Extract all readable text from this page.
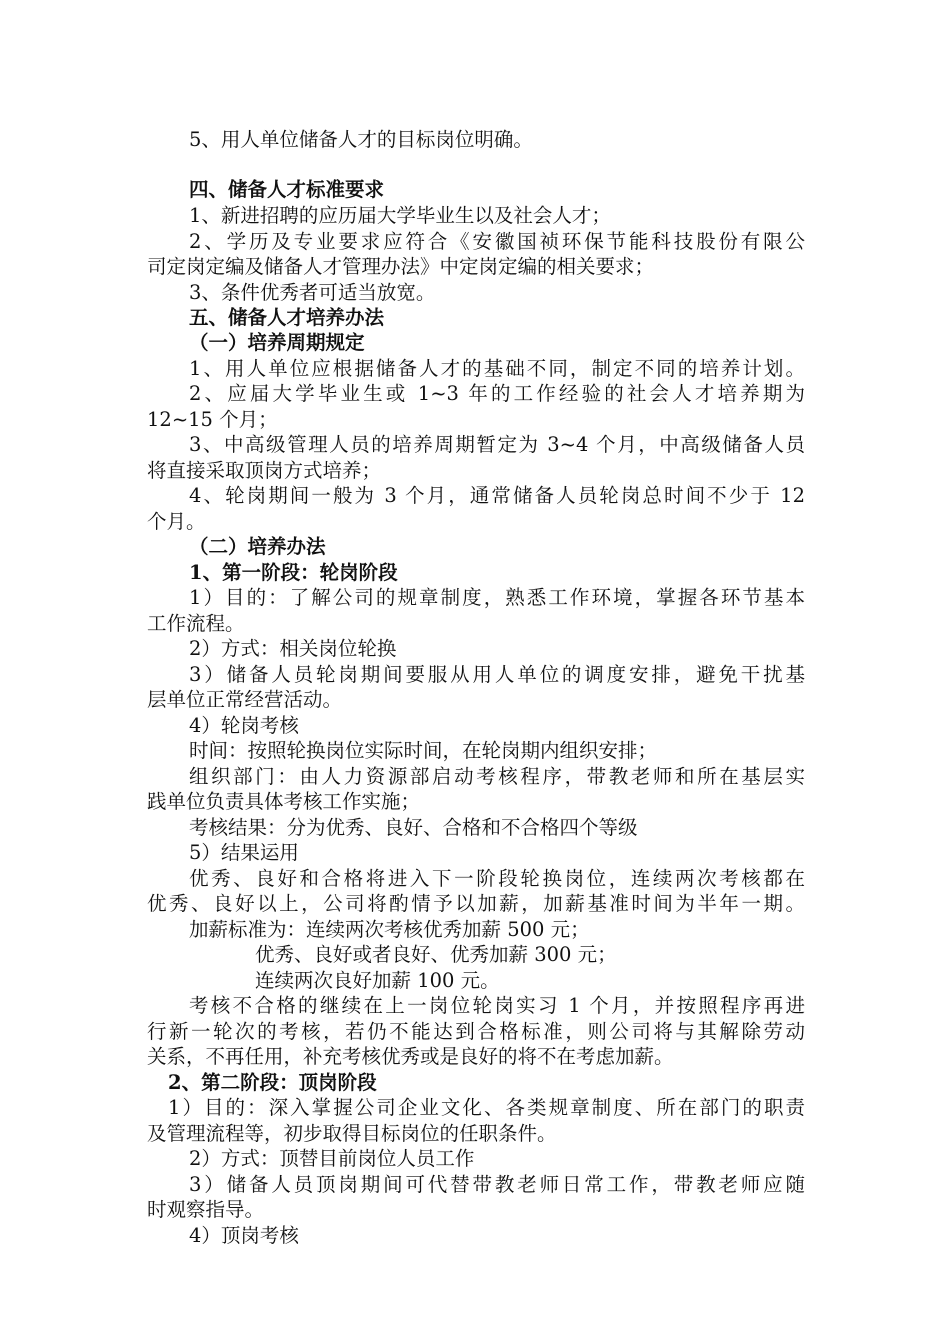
5、用人单位储备人才的目标岗位明确。
四、储备人才标准要求
1、新进招聘的应历届大学毕业生以及社会人才；
2、学历及专业要求应符合《安徽国祯环保节能科技股份有限公
司定岗定编及储备人才管理办法》中定岗定编的相关要求；
3、条件优秀者可适当放宽。
五、储备人才培养办法
（一）培养周期规定
1、用人单位应根据储备人才的基础不同，制定不同的培养计划。
2、应届大学毕业生或 1~3 年的工作经验的社会人才培养期为
12~15 个月；
3、中高级管理人员的培养周期暂定为 3~4 个月，中高级储备人员
将直接采取顶岗方式培养；
4、轮岗期间一般为 3 个月，通常储备人员轮岗总时间不少于 12
个月。
（二）培养办法
1、第一阶段：轮岗阶段
1）目的：了解公司的规章制度，熟悉工作环境，掌握各环节基本
工作流程。
2）方式：相关岗位轮换
3）储备人员轮岗期间要服从用人单位的调度安排，避免干扰基
层单位正常经营活动。
4）轮岗考核
时间：按照轮换岗位实际时间，在轮岗期内组织安排；
组织部门：由人力资源部启动考核程序，带教老师和所在基层实
践单位负责具体考核工作实施；
考核结果：分为优秀、良好、合格和不合格四个等级
5）结果运用
优秀、良好和合格将进入下一阶段轮换岗位，连续两次考核都在
优秀、良好以上，公司将酌情予以加薪，加薪基准时间为半年一期。
加薪标准为：连续两次考核优秀加薪 500 元；
优秀、良好或者良好、优秀加薪 300 元；
连续两次良好加薪 100 元。
考核不合格的继续在上一岗位轮岗实习 1 个月，并按照程序再进
行新一轮次的考核，若仍不能达到合格标准，则公司将与其解除劳动
关系，不再任用，补充考核优秀或是良好的将不在考虑加薪。
2、第二阶段：顶岗阶段
1）目的：深入掌握公司企业文化、各类规章制度、所在部门的职责
及管理流程等，初步取得目标岗位的任职条件。
2）方式：顶替目前岗位人员工作
3）储备人员顶岗期间可代替带教老师日常工作，带教老师应随
时观察指导。
4）顶岗考核
